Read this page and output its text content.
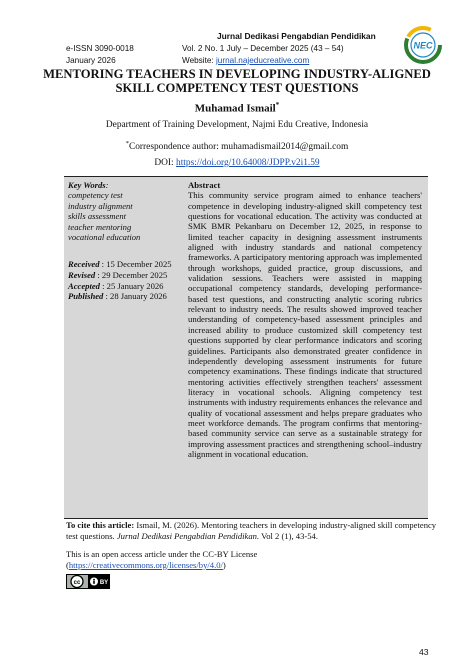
Jurnal Dedikasi Pengabdian Pendidikan
e-ISSN 3090-0018
January 2026
Vol. 2 No. 1 July – December 2025 (43 – 54)
Website: jurnal.najeducreative.com
NEC
MENTORING TEACHERS IN DEVELOPING INDUSTRY-ALIGNED
SKILL COMPETENCY TEST QUESTIONS
Muhamad Ismail*
Department of Training Development, Najmi Edu Creative, Indonesia
*Correspondence author: muhamadismail2014@gmail.com
DOI: https://doi.org/10.64008/JDPP.v2i1.59
Key Words:
competency test
industry alignment
skills assessment
teacher mentoring
vocational education
Received : 15 December 2025
Revised : 29 December 2025
Accepted : 25 January 2026
Published : 28 January 2026
Abstract
This community service program aimed to enhance teachers' competence in developing industry-aligned skill competency test questions for vocational education. The activity was conducted at SMK BMR Pekanbaru on December 12, 2025, in response to limited teacher capacity in designing assessment instruments aligned with industry standards and national competency frameworks. A participatory mentoring approach was implemented through workshops, guided practice, group discussions, and validation sessions. Teachers were assisted in mapping occupational competency standards, developing performance-based test questions, and constructing analytic scoring rubrics relevant to industry needs. The results showed improved teacher understanding of competency-based assessment principles and increased ability to produce customized skill competency test questions supported by clear performance indicators and scoring guidelines. Participants also demonstrated greater confidence in independently developing assessment instruments for future competency examinations. These findings indicate that structured mentoring activities effectively strengthen teachers' assessment literacy in vocational schools. Aligning competency test instruments with industry requirements enhances the relevance and quality of vocational assessment and helps prepare graduates who meet workforce demands. The program confirms that mentoring-based community service can serve as a sustainable strategy for improving assessment practices and strengthening school–industry alignment in vocational education.
To cite this article: Ismail, M. (2026). Mentoring teachers in developing industry-aligned skill competency test questions. Jurnal Dedikasi Pengabdian Pendidikan. Vol 2 (1), 43-54.
This is an open access article under the CC-BY License
(https://creativecommons.org/licenses/by/4.0/)
cc	BY
43
